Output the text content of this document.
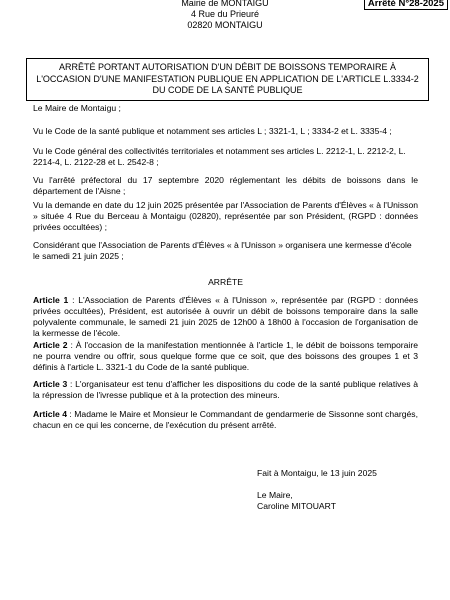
Mairie de MONTAIGU
4 Rue du Prieuré
02820 MONTAIGU
Arrêté N°28-2025
ARRÊTÉ PORTANT AUTORISATION D'UN DÉBIT DE BOISSONS TEMPORAIRE À L'OCCASION D'UNE MANIFESTATION PUBLIQUE EN APPLICATION DE L'ARTICLE L.3334-2 DU CODE DE LA SANTÉ PUBLIQUE
Le Maire de Montaigu ;
Vu le Code de la santé publique et notamment ses articles L ; 3321-1, L ; 3334-2 et L. 3335-4 ;
Vu le Code général des collectivités territoriales et notamment ses articles L. 2212-1, L. 2212-2, L. 2214-4, L. 2122-28 et L. 2542-8 ;
Vu l'arrêté préfectoral du 17 septembre 2020 réglementant les débits de boissons dans le département de l'Aisne ;
Vu la demande en date du 12 juin 2025 présentée par l'Association de Parents d'Élèves « à l'Unisson » située 4 Rue du Berceau à Montaigu (02820), représentée par son Président, (RGPD : données privées occultées) ;
Considérant que l'Association de Parents d'Élèves « à l'Unisson » organisera une kermesse d'école le samedi 21 juin 2025 ;
ARRÊTE
Article 1 : L'Association de Parents d'Élèves « à l'Unisson », représentée par (RGPD : données privées occultées), Président, est autorisée à ouvrir un débit de boissons temporaire dans la salle polyvalente communale, le samedi 21 juin 2025 de 12h00 à 18h00 à l'occasion de l'organisation de la kermesse de l'école.
Article 2 : À l'occasion de la manifestation mentionnée à l'article 1, le débit de boissons temporaire ne pourra vendre ou offrir, sous quelque forme que ce soit, que des boissons des groupes 1 et 3 définis à l'article L. 3321-1 du Code de la santé publique.
Article 3 : L'organisateur est tenu d'afficher les dispositions du code de la santé publique relatives à la répression de l'ivresse publique et à la protection des mineurs.
Article 4 : Madame le Maire et Monsieur le Commandant de gendarmerie de Sissonne sont chargés, chacun en ce qui les concerne, de l'exécution du présent arrêté.
Fait à Montaigu, le 13 juin 2025
Le Maire,
Caroline MITOUART
